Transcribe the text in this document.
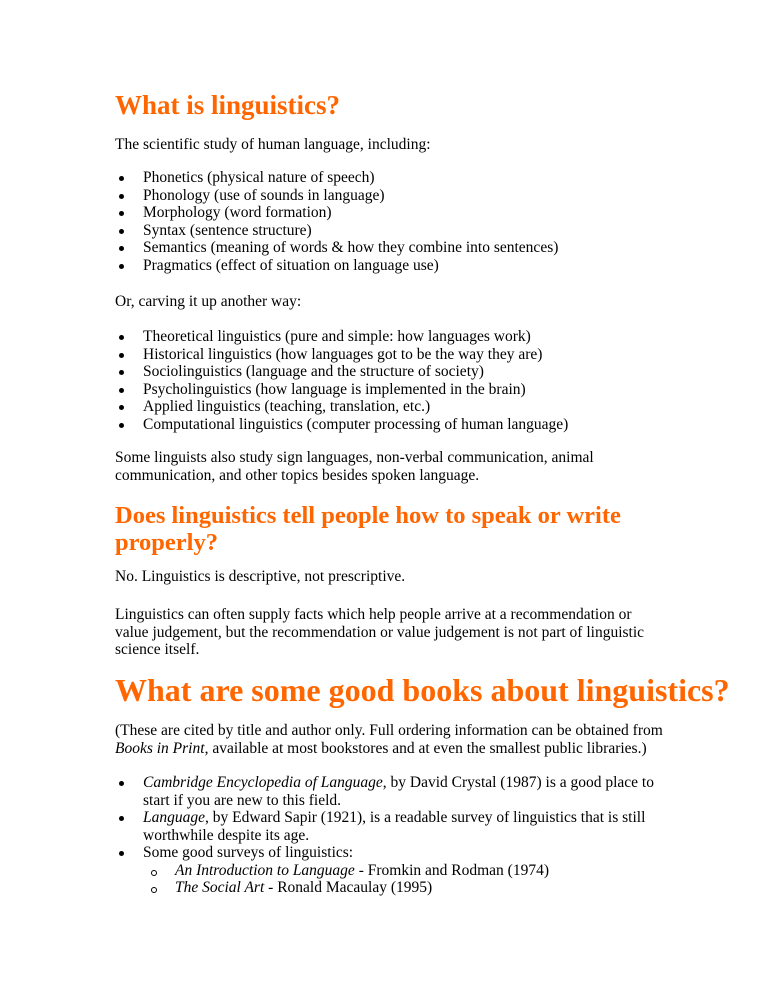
What is linguistics?

The scientific study of human language, including:

Phonetics (physical nature of speech)
Phonology (use of sounds in language)
Morphology (word formation)
Syntax (sentence structure)
Semantics (meaning of words & how they combine into sentences)
Pragmatics (effect of situation on language use)

Or, carving it up another way:

Theoretical linguistics (pure and simple: how languages work)
Historical linguistics (how languages got to be the way they are)
Sociolinguistics (language and the structure of society)
Psycholinguistics (how language is implemented in the brain)
Applied linguistics (teaching, translation, etc.)
Computational linguistics (computer processing of human language)

Some linguists also study sign languages, non-verbal communication, animal communication, and other topics besides spoken language.

Does linguistics tell people how to speak or write properly?

No. Linguistics is descriptive, not prescriptive.

Linguistics can often supply facts which help people arrive at a recommendation or value judgement, but the recommendation or value judgement is not part of linguistic science itself.

What are some good books about linguistics?

(These are cited by title and author only. Full ordering information can be obtained from Books in Print, available at most bookstores and at even the smallest public libraries.)

Cambridge Encyclopedia of Language, by David Crystal (1987) is a good place to start if you are new to this field.
Language, by Edward Sapir (1921), is a readable survey of linguistics that is still worthwhile despite its age.
Some good surveys of linguistics:
An Introduction to Language - Fromkin and Rodman (1974)
The Social Art - Ronald Macaulay (1995)
